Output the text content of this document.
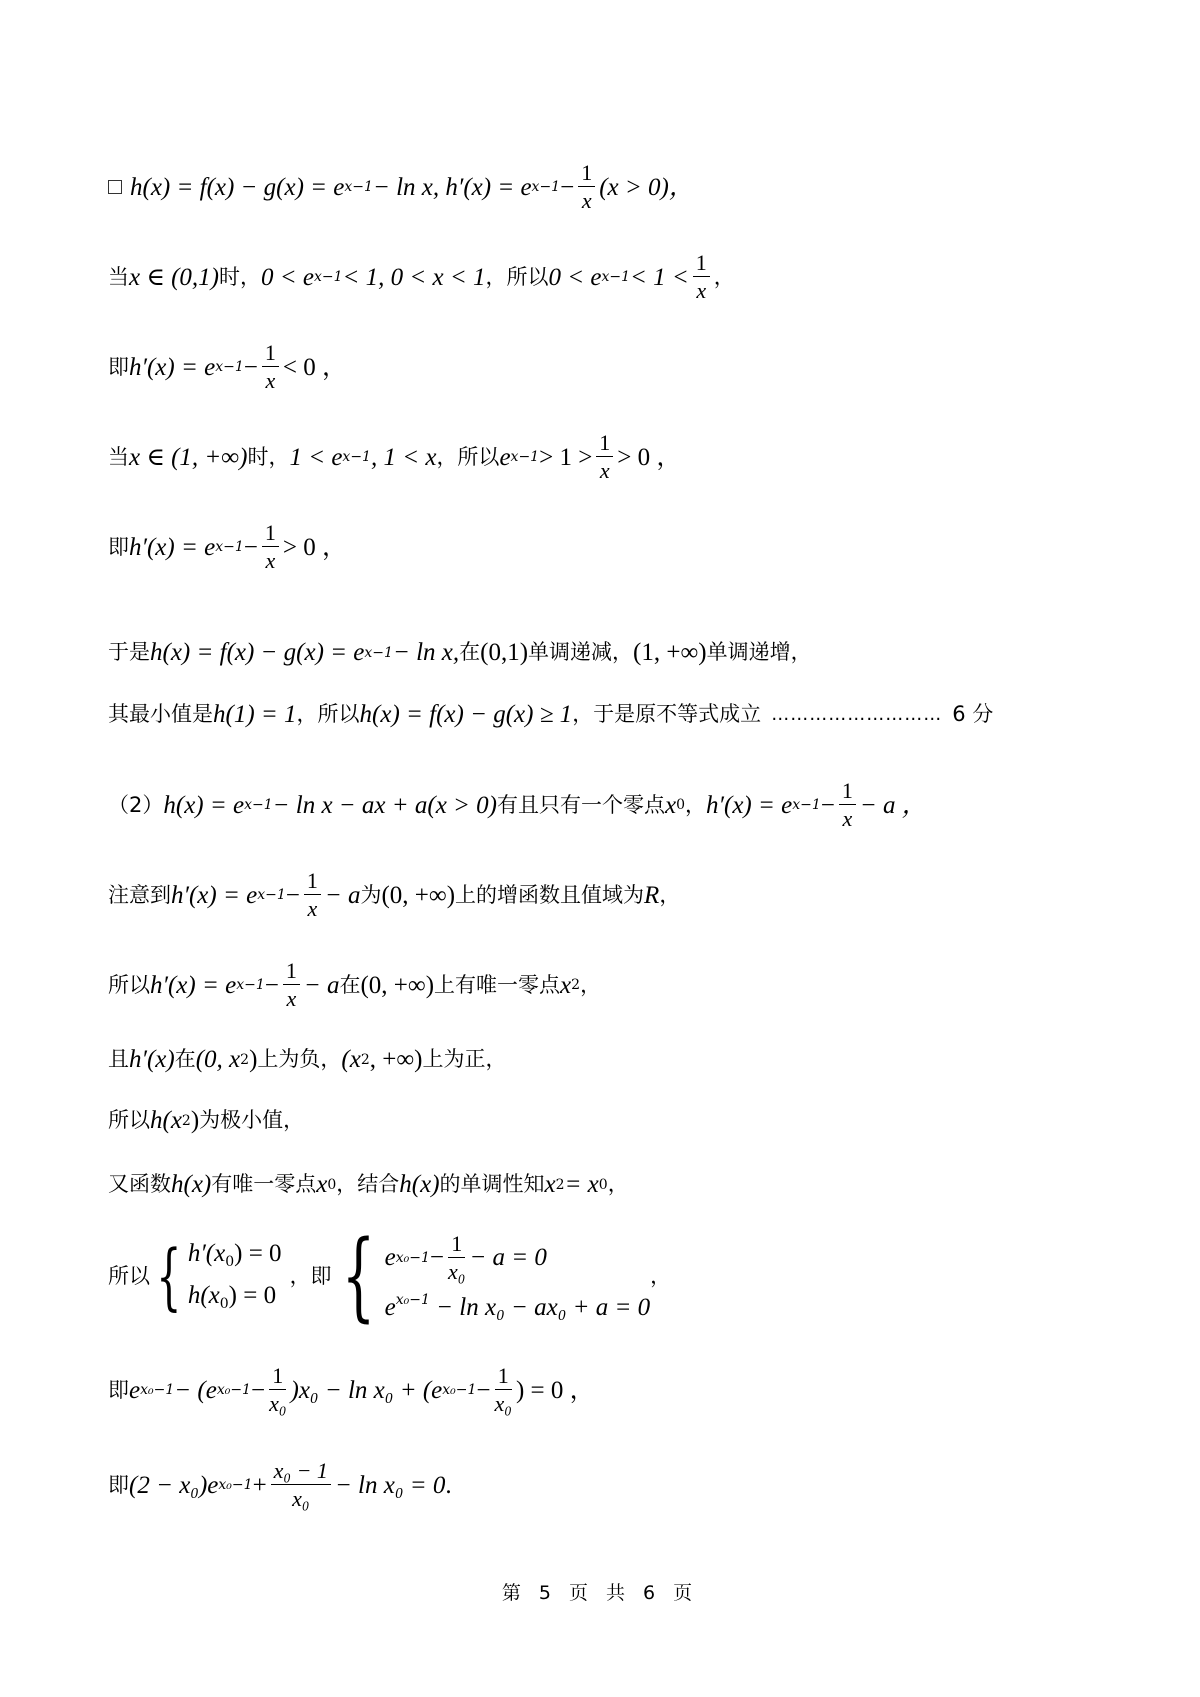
h(x) = f(x) − g(x) = e x−1 − ln x, h′(x) = e $x-1 - \frac{1}{x} (x > 0)$，
当 x ∈ (0,1) 时， 0 < e x−1 < 1, 0 < x < 1 ，所以 0 < e $x-1 < 1 < \frac{1}{x}$ ，
即 h′(x) = e $x-1 - \frac{1}{x} < 0$ ，
当 x ∈ (1, +∞) 时， 1 < e x−1 , 1 < x ，所以 e $x-1 > 1 > \frac{1}{x} > 0$ ，
即 h′(x) = e $x-1 - \frac{1}{x} > 0$ ，
于是 h(x) = f(x) − g(x) = e x−1 − ln x, 在 (0,1) 单调递减， (1, +∞) 单调递增，
其最小值是 h(1) = 1 ，所以 h(x) = f(x) − g(x) ≥ 1 ，于是原不等式成立 ……………………… 6 分
（2） h(x) = e x−1 − ln x − ax + a(x > 0) 有且只有一个零点 x 0 ， h′(x) = e $x-1 - \frac{1}{x} - a$ ，
注意到 h′(x) = e $x-1 - \frac{1}{x} - a$ 为 (0, +∞) 上的增函数且值域为 R ，
所以 h′(x) = e $x-1 - \frac{1}{x} - a$ 在 (0, +∞) 上有唯一零点 x 2 ，
且 h′(x) 在 (0, x 2 ) 上为负， (x 2 , +∞) 上为正，
所以 h(x 2 ) 为极小值，
又函数 h(x) 有唯一零点 x 0 ，结合 h(x) 的单调性知 x 2 = x 0 ，
所以 { $h'(x_0) = 0$
$h(x_0) = 0$
，即 { e $x_0-1 - \frac{1}{\text{x₀}} - a = 0$
$e^{x_0-1} - \ln x_0 - ax_0 + a = 0$
，
即 e x₀−1 − (e $x_0-1 - \frac{1}{\text{x₀}} )x_0 - \ln x_0 + (e$ $x_0-1 - \frac{1}{\text{x₀}}$ ) = 0 ，
即 (2 − x₀)e $x_0-1 + \frac{\text{x₀ − 1}}{\text{x₀}} - \ln x_0 = 0$ .
第 5 页 共 6 页
